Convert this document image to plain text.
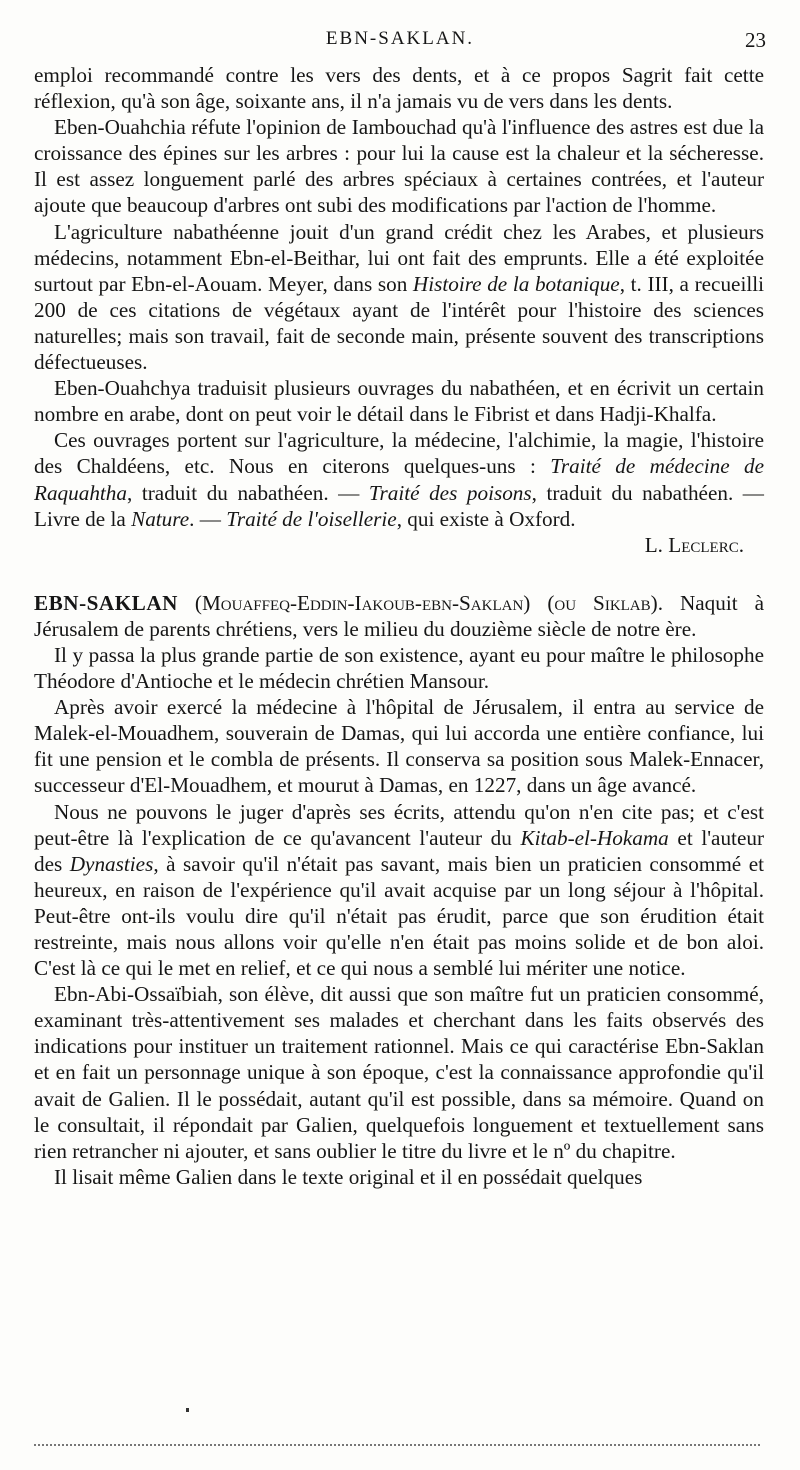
EBN-SAKLAN.	23

emploi recommandé contre les vers des dents, et à ce propos Sagrit fait cette réflexion, qu'à son âge, soixante ans, il n'a jamais vu de vers dans les dents.

Eben-Ouahchia réfute l'opinion de Iambouchad qu'à l'influence des astres est due la croissance des épines sur les arbres : pour lui la cause est la chaleur et la sécheresse. Il est assez longuement parlé des arbres spéciaux à certaines contrées, et l'auteur ajoute que beaucoup d'arbres ont subi des modifications par l'action de l'homme.

L'agriculture nabathéenne jouit d'un grand crédit chez les Arabes, et plusieurs médecins, notamment Ebn-el-Beithar, lui ont fait des emprunts. Elle a été exploitée surtout par Ebn-el-Aouam. Meyer, dans son Histoire de la botanique, t. III, a recueilli 200 de ces citations de végétaux ayant de l'intérêt pour l'histoire des sciences naturelles; mais son travail, fait de seconde main, présente souvent des transcriptions défectueuses.

Eben-Ouahchya traduisit plusieurs ouvrages du nabathéen, et en écrivit un certain nombre en arabe, dont on peut voir le détail dans le Fibrist et dans Hadji-Khalfa.

Ces ouvrages portent sur l'agriculture, la médecine, l'alchimie, la magie, l'histoire des Chaldéens, etc. Nous en citerons quelques-uns : Traité de médecine de Raquahtha, traduit du nabathéen. — Traité des poisons, traduit du nabathéen. — Livre de la Nature. — Traité de l'oisellerie, qui existe à Oxford.

L. Leclerc.

EBN-SAKLAN (Mouaffeq-Eddin-Iakoub-ebn-Saklan) (ou Siklab). Naquit à Jérusalem de parents chrétiens, vers le milieu du douzième siècle de notre ère.

Il y passa la plus grande partie de son existence, ayant eu pour maître le philosophe Théodore d'Antioche et le médecin chrétien Mansour.

Après avoir exercé la médecine à l'hôpital de Jérusalem, il entra au service de Malek-el-Mouadhem, souverain de Damas, qui lui accorda une entière confiance, lui fit une pension et le combla de présents. Il conserva sa position sous Malek-Ennacer, successeur d'El-Mouadhem, et mourut à Damas, en 1227, dans un âge avancé.

Nous ne pouvons le juger d'après ses écrits, attendu qu'on n'en cite pas; et c'est peut-être là l'explication de ce qu'avancent l'auteur du Kitab-el-Hokama et l'auteur des Dynasties, à savoir qu'il n'était pas savant, mais bien un praticien consommé et heureux, en raison de l'expérience qu'il avait acquise par un long séjour à l'hôpital. Peut-être ont-ils voulu dire qu'il n'était pas érudit, parce que son érudition était restreinte, mais nous allons voir qu'elle n'en était pas moins solide et de bon aloi. C'est là ce qui le met en relief, et ce qui nous a semblé lui mériter une notice.

Ebn-Abi-Ossaïbiah, son élève, dit aussi que son maître fut un praticien consommé, examinant très-attentivement ses malades et cherchant dans les faits observés des indications pour instituer un traitement rationnel. Mais ce qui caractérise Ebn-Saklan et en fait un personnage unique à son époque, c'est la connaissance approfondie qu'il avait de Galien. Il le possédait, autant qu'il est possible, dans sa mémoire. Quand on le consultait, il répondait par Galien, quelquefois longuement et textuellement sans rien retrancher ni ajouter, et sans oublier le titre du livre et le nº du chapitre.

Il lisait même Galien dans le texte original et il en possédait quelques
